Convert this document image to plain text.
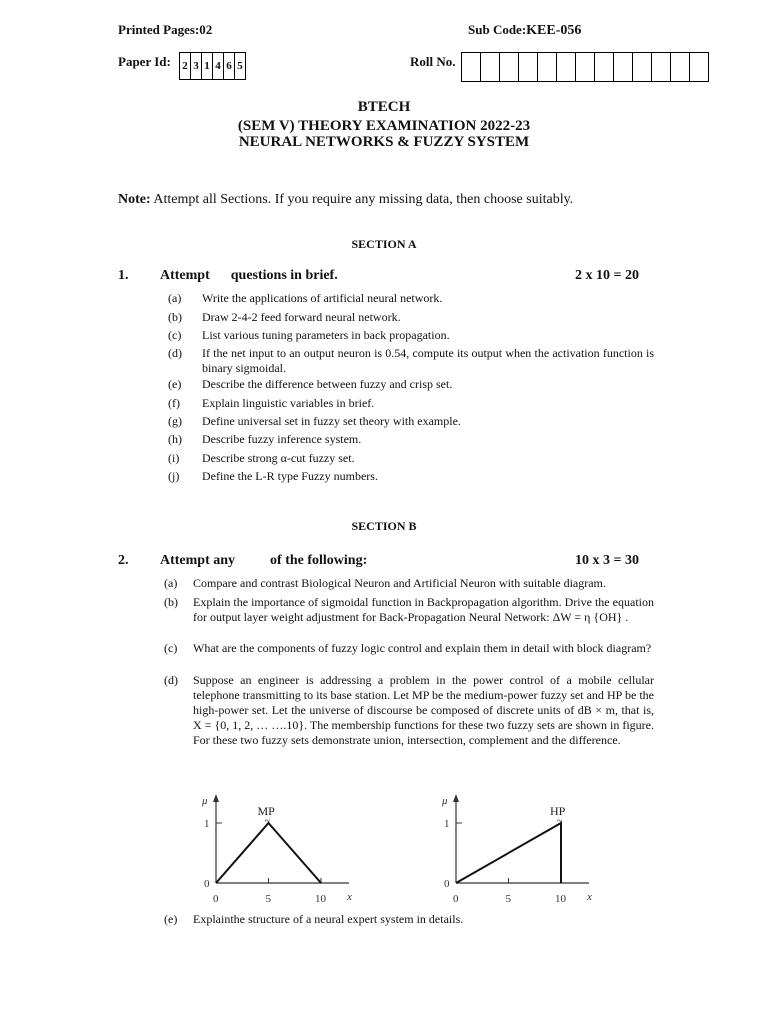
Printed Pages:02	Sub Code:KEE-056
Paper Id: 2 3 1 4 6 5	Roll No.
BTECH
(SEM V) THEORY EXAMINATION 2022-23
NEURAL NETWORKS & FUZZY SYSTEM
Note: Attempt all Sections. If you require any missing data, then choose suitably.
SECTION A
1. Attempt      questions in brief.	2 x 10 = 20
(a) Write the applications of artificial neural network.
(b) Draw 2-4-2 feed forward neural network.
(c) List various tuning parameters in back propagation.
(d) If the net input to an output neuron is 0.54, compute its output when the activation function is binary sigmoidal.
(e) Describe the difference between fuzzy and crisp set.
(f) Explain linguistic variables in brief.
(g) Define universal set in fuzzy set theory with example.
(h) Describe fuzzy inference system.
(i) Describe strong α-cut fuzzy set.
(j) Define the L-R type Fuzzy numbers.
SECTION B
2. Attempt any          of the following:	10 x 3 = 30
(a) Compare and contrast Biological Neuron and Artificial Neuron with suitable diagram.
(b) Explain the importance of sigmoidal function in Backpropagation algorithm. Drive the equation for output layer weight adjustment for Back-Propagation Neural Network: ΔW = η {OH} .
(c) What are the components of fuzzy logic control and explain them in detail with block diagram?
(d) Suppose an engineer is addressing a problem in the power control of a mobile cellular telephone transmitting to its base station. Let MP be the medium-power fuzzy set and HP be the high-power set. Let the universe of discourse be composed of discrete units of dB × m, that is, X = {0, 1, 2, … ….10}. The membership functions for these two fuzzy sets are shown in figure. For these two fuzzy sets demonstrate union, intersection, complement and the difference.
(e) Explainthe structure of a neural expert system in details.
μ
x
1
0
0	5	10
MP
~
μ
x
1
0
0	5	10
HP
~
